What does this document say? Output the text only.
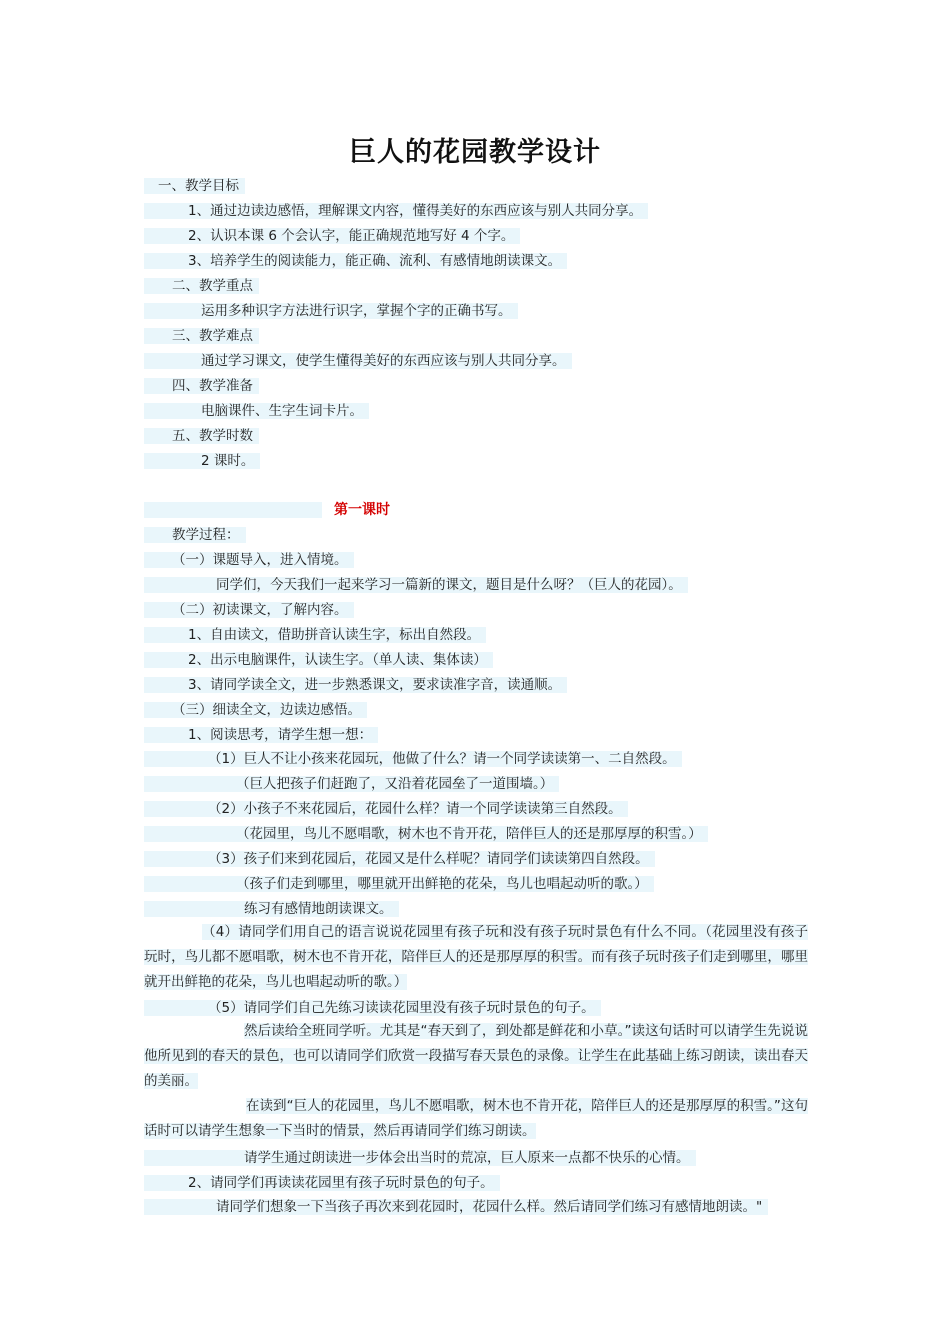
巨人的花园教学设计
一、教学目标
1、通过边读边感悟，理解课文内容，懂得美好的东西应该与别人共同分享。
2、认识本课 6 个会认字，能正确规范地写好 4 个字。
3、培养学生的阅读能力，能正确、流利、有感情地朗读课文。
二、教学重点
运用多种识字方法进行识字，掌握个字的正确书写。
三、教学难点
通过学习课文，使学生懂得美好的东西应该与别人共同分享。
四、教学准备
电脑课件、生字生词卡片。
五、教学时数
2 课时。
第一课时
教学过程：
（一）课题导入，进入情境。
同学们，今天我们一起来学习一篇新的课文，题目是什么呀？（巨人的花园）。
（二）初读课文，了解内容。
1、自由读文，借助拼音认读生字，标出自然段。
2、出示电脑课件，认读生字。（单人读、集体读）
3、请同学读全文，进一步熟悉课文，要求读准字音，读通顺。
（三）细读全文，边读边感悟。
1、阅读思考，请学生想一想：
（1）巨人不让小孩来花园玩，他做了什么？请一个同学读读第一、二自然段。
（巨人把孩子们赶跑了，又沿着花园垒了一道围墙。）
（2）小孩子不来花园后，花园什么样？请一个同学读读第三自然段。
（花园里，鸟儿不愿唱歌，树木也不肯开花，陪伴巨人的还是那厚厚的积雪。）
（3）孩子们来到花园后，花园又是什么样呢？请同学们读读第四自然段。
（孩子们走到哪里，哪里就开出鲜艳的花朵，鸟儿也唱起动听的歌。）
练习有感情地朗读课文。
（4）请同学们用自己的语言说说花园里有孩子玩和没有孩子玩时景色有什么不同。（花园里没有孩子玩时，鸟儿都不愿唱歌，树木也不肯开花，陪伴巨人的还是那厚厚的积雪。而有孩子玩时孩子们走到哪里，哪里就开出鲜艳的花朵，鸟儿也唱起动听的歌。）
（5）请同学们自己先练习读读花园里没有孩子玩时景色的句子。
然后读给全班同学听。尤其是“春天到了，到处都是鲜花和小草。”读这句话时可以请学生先说说他所见到的春天的景色，也可以请同学们欣赏一段描写春天景色的录像。让学生在此基础上练习朗读，读出春天的美丽。
在读到“巨人的花园里，鸟儿不愿唱歌，树木也不肯开花，陪伴巨人的还是那厚厚的积雪。”这句话时可以请学生想象一下当时的情景，然后再请同学们练习朗读。
请学生通过朗读进一步体会出当时的荒凉，巨人原来一点都不快乐的心情。
2、请同学们再读读花园里有孩子玩时景色的句子。
请同学们想象一下当孩子再次来到花园时，花园什么样。然后请同学们练习有感情地朗读。"
